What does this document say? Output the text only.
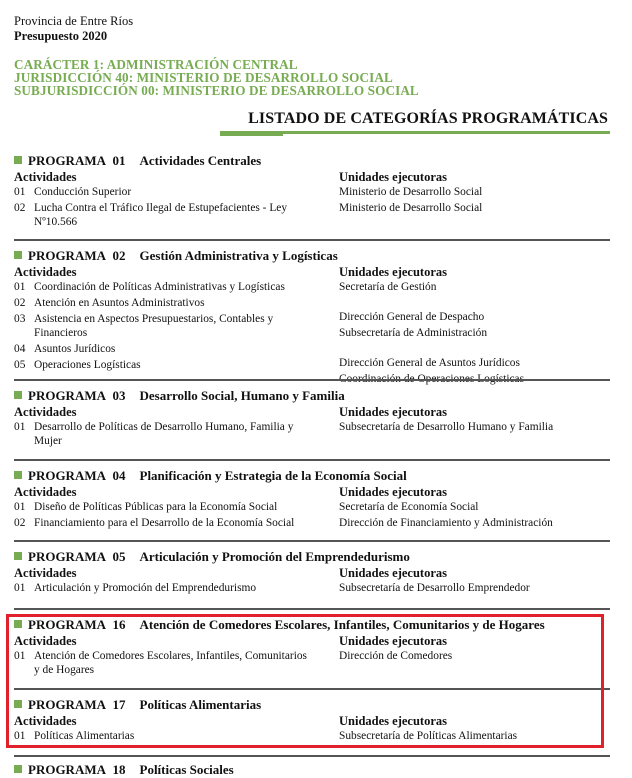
Provincia de Entre Ríos
Presupuesto 2020
CARÁCTER 1: ADMINISTRACIÓN CENTRAL
JURISDICCIÓN 40: MINISTERIO DE DESARROLLO SOCIAL
SUBJURISDICCIÓN 00: MINISTERIO DE DESARROLLO SOCIAL
LISTADO DE CATEGORÍAS PROGRAMÁTICAS
PROGRAMA 01 Actividades Centrales
Actividades
01 Conducción Superior
02 Lucha Contra el Tráfico Ilegal de Estupefacientes - Ley Nº10.566
Unidades ejecutoras
Ministerio de Desarrollo Social
Ministerio de Desarrollo Social
PROGRAMA 02 Gestión Administrativa y Logísticas
Actividades
01 Coordinación de Políticas Administrativas y Logísticas
02 Atención en Asuntos Administrativos
03 Asistencia en Aspectos Presupuestarios, Contables y Financieros
04 Asuntos Jurídicos
05 Operaciones Logísticas
Unidades ejecutoras
Secretaría de Gestión
Dirección General de Despacho
Subsecretaría de Administración
Dirección General de Asuntos Jurídicos
PROGRAMA 03 Desarrollo Social, Humano y Familia
Actividades
01 Desarrollo de Políticas de Desarrollo Humano, Familia y Mujer
Unidades ejecutoras
Subsecretaría de Desarrollo Humano y Familia
PROGRAMA 04 Planificación y Estrategia de la Economía Social
Actividades
01 Diseño de Políticas Públicas para la Economía Social
02 Financiamiento para el Desarrollo de la Economía Social
Unidades ejecutoras
Secretaría de Economía Social
Dirección de Financiamiento y Administración
PROGRAMA 05 Articulación y Promoción del Emprendedurismo
Actividades
01 Articulación y Promoción del Emprendedurismo
Unidades ejecutoras
Subsecretaría de Desarrollo Emprendedor
PROGRAMA 16 Atención de Comedores Escolares, Infantiles, Comunitarios y de Hogares
Actividades
01 Atención de Comedores Escolares, Infantiles, Comunitarios y de Hogares
Unidades ejecutoras
Dirección de Comedores
PROGRAMA 17 Políticas Alimentarias
Actividades
01 Políticas Alimentarias
Unidades ejecutoras
Subsecretaría de Políticas Alimentarias
PROGRAMA 18 Políticas Sociales
